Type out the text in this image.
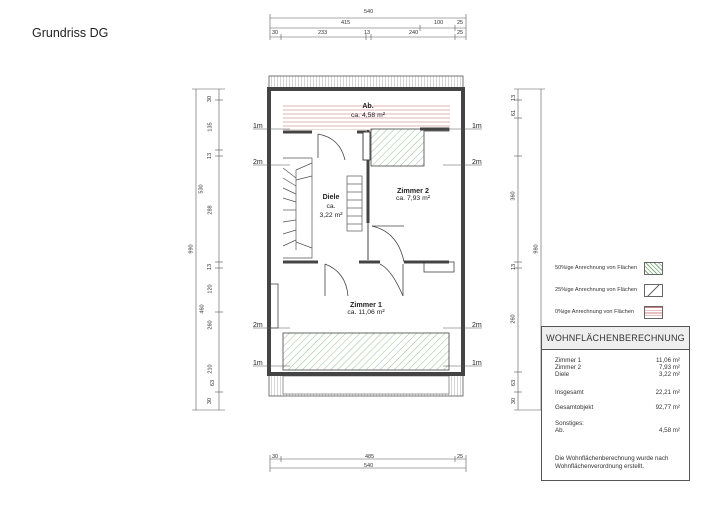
Grundriss DG
540
415	100	25
30	233	13	240	25
30	485	25
540
990
530
30
135
13
288
13
120
260
210
63
30
460
13
61
360
13
260
63
30
980
1m
2m
2m
1m
1m
2m
2m
1m
Ab.
ca. 4,58 m²
Diele
ca.
3,22 m²
Zimmer 2
ca. 7,93 m²
Zimmer 1
ca. 11,06 m²
50%ige Anrechnung von Flächen
25%ige Anrechnung von Flächen
0%ige Anrechnung von Flächen
WOHNFLÄCHENBERECHNUNG
Zimmer 1	11,06 m²
Zimmer 2	7,93 m²
Diele	3,22 m²
Insgesamt	22,21 m²
Gesamtobjekt	92,77 m²
Sonstiges:
Ab.	4,58 m²
Die Wohnflächenberechnung wurde nach Wohnflächenverordnung erstellt.
